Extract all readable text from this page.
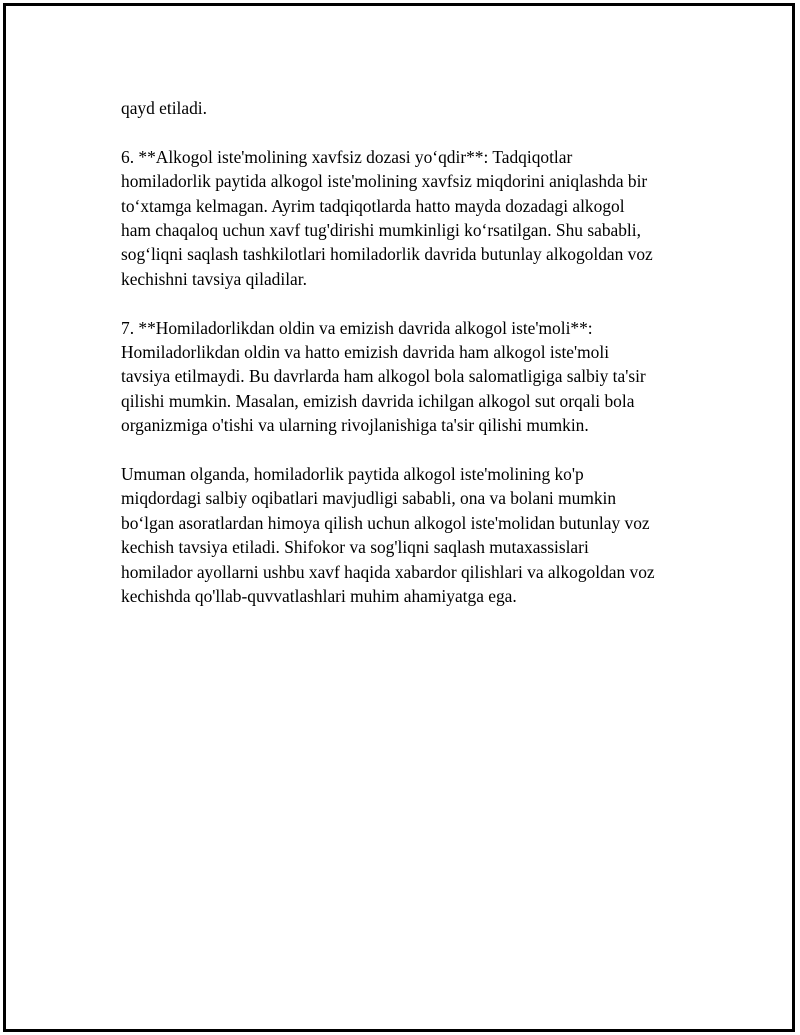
qayd etiladi.

6. **Alkogol iste'molining xavfsiz dozasi yo‘qdir**: Tadqiqotlar
homiladorlik paytida alkogol iste'molining xavfsiz miqdorini aniqlashda bir
to‘xtamga kelmagan. Ayrim tadqiqotlarda hatto mayda dozadagi alkogol
ham chaqaloq uchun xavf tug'dirishi mumkinligi ko‘rsatilgan. Shu sababli,
sog‘liqni saqlash tashkilotlari homiladorlik davrida butunlay alkogoldan voz
kechishni tavsiya qiladilar.

7. **Homiladorlikdan oldin va emizish davrida alkogol iste'moli**:
Homiladorlikdan oldin va hatto emizish davrida ham alkogol iste'moli
tavsiya etilmaydi. Bu davrlarda ham alkogol bola salomatligiga salbiy ta'sir
qilishi mumkin. Masalan, emizish davrida ichilgan alkogol sut orqali bola
organizmiga o'tishi va ularning rivojlanishiga ta'sir qilishi mumkin.

Umuman olganda, homiladorlik paytida alkogol iste'molining ko'p
miqdordagi salbiy oqibatlari mavjudligi sababli, ona va bolani mumkin
bo‘lgan asoratlardan himoya qilish uchun alkogol iste'molidan butunlay voz
kechish tavsiya etiladi. Shifokor va sog'liqni saqlash mutaxassislari
homilador ayollarni ushbu xavf haqida xabardor qilishlari va alkogoldan voz
kechishda qo'llab-quvvatlashlari muhim ahamiyatga ega.
